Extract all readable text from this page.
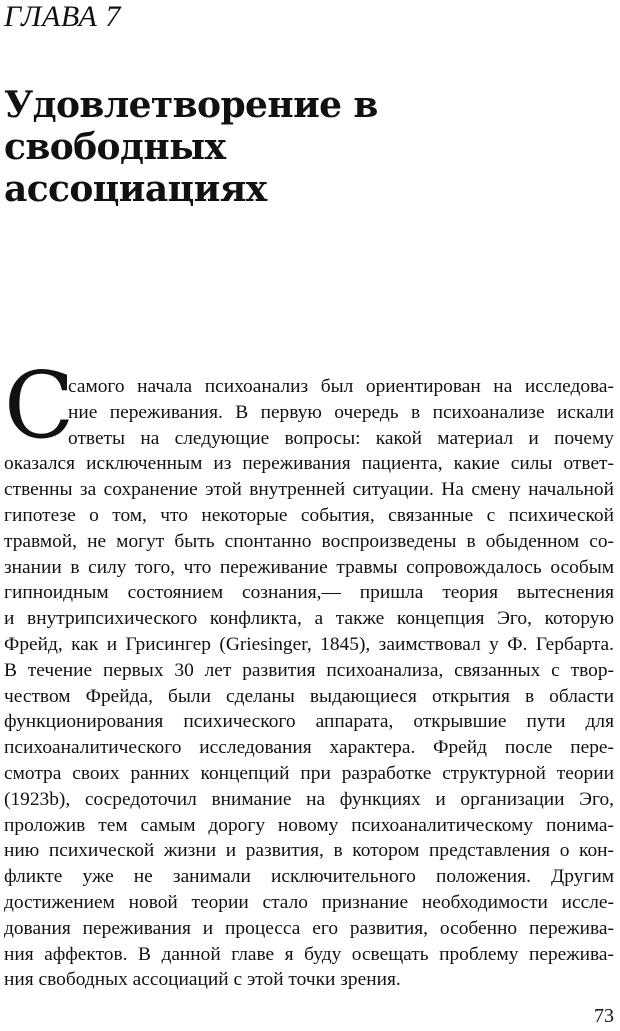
ГЛАВА 7
Удовлетворение в свободных
ассоциациях
С
самого начала психоанализ был ориентирован на исследова-
ние переживания. В первую очередь в психоанализе искали
ответы на следующие вопросы: какой материал и почему
оказался исключенным из переживания пациента, какие силы ответ-
ственны за сохранение этой внутренней ситуации. На смену начальной
гипотезе о том, что некоторые события, связанные с психической
травмой, не могут быть спонтанно воспроизведены в обыденном со-
знании в силу того, что переживание травмы сопровождалось особым
гипноидным состоянием сознания,— пришла теория вытеснения
и внутрипсихического конфликта, а также концепция Эго, которую
Фрейд, как и Грисингер (Griesinger, 1845), заимствовал у Ф. Гербарта.
В течение первых 30 лет развития психоанализа, связанных с твор-
чеством Фрейда, были сделаны выдающиеся открытия в области
функционирования психического аппарата, открывшие пути для
психоаналитического исследования характера. Фрейд после пере-
смотра своих ранних концепций при разработке структурной теории
(1923b), сосредоточил внимание на функциях и организации Эго,
проложив тем самым дорогу новому психоаналитическому понима-
нию психической жизни и развития, в котором представления о кон-
фликте уже не занимали исключительного положения. Другим
достижением новой теории стало признание необходимости иссле-
дования переживания и процесса его развития, особенно пережива-
ния аффектов. В данной главе я буду освещать проблему пережива-
ния свободных ассоциаций с этой точки зрения.
73
